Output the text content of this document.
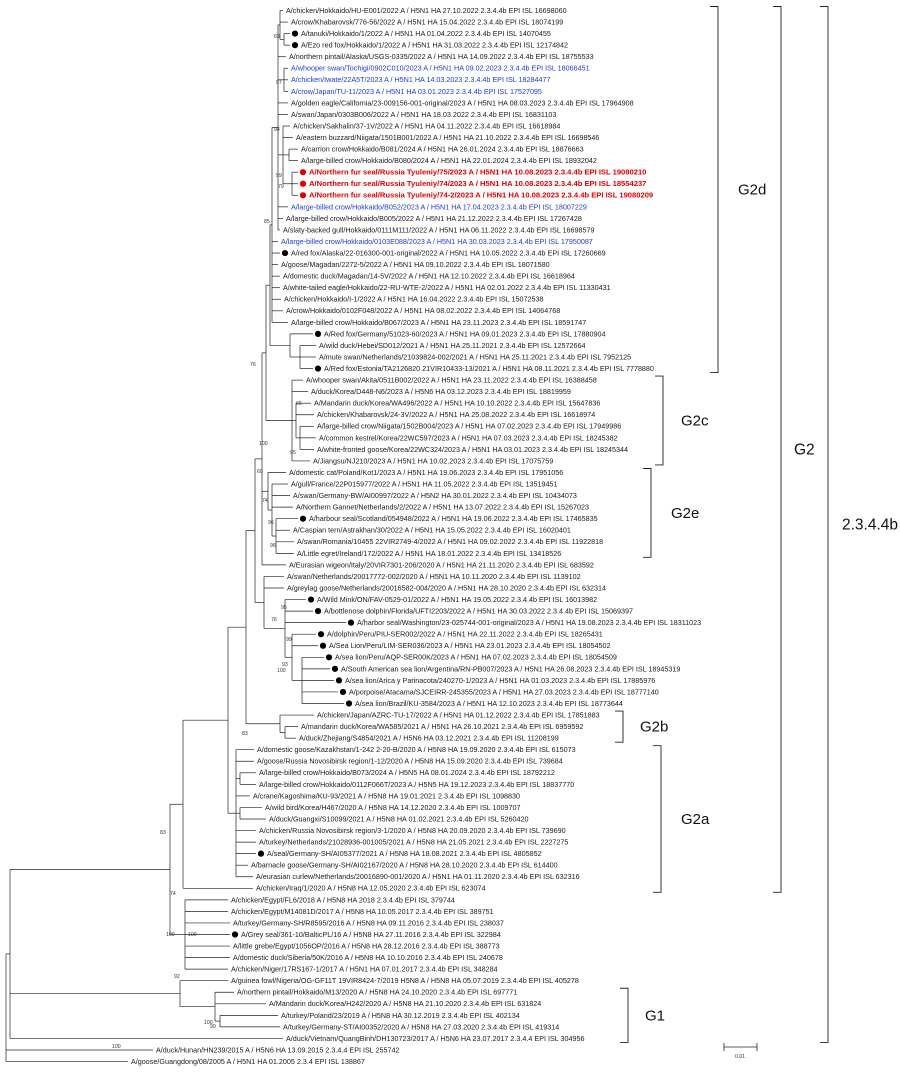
63
97
94
99
79
85
76
65
95
100
60
74
96
96
95
76
99
93
100
83
83
74
100	100
92
100
99
100
A/chicken/Hokkaido/HU-E001/2022 A / H5N1 HA 27.10.2022 2.3.4.4b EPI ISL 16698060
A/crow/Khabarovsk/776-56/2022 A / H5N1 HA 15.04.2022 2.3.4.4b EPI ISL 18074199
A/tanuki/Hokkaido/1/2022 A / H5N1 HA 01.04.2022 2.3.4.4b EPI ISL 14070455
A/Ezo red fox/Hokkaido/1/2022 A / H5N1 HA 31.03.2022 2.3.4.4b EPI ISL 12174842
A/northern pintail/Alaska/USGS-0335/2022 A / H5N1 HA 14.09.2022 2.3.4.4b EPI ISL 18755533
A/whooper swan/Tochigi/0902C010/2023 A / H5N1 HA 09.02.2023 2.3.4.4b EPI ISL 18066451
A/chicken/Iwate/22A5T/2023 A / H5N1 HA 14.03.2023 2.3.4.4b EPI ISL 18284477
A/crow/Japan/TU-11/2023 A / H5N1 HA 03.01.2023 2.3.4.4b EPI ISL 17527095
A/golden eagle/California/23-009156-001-original/2023 A / H5N1 HA 08.03.2023 2.3.4.4b EPI ISL 17964908
A/swan/Japan/0303B006/2022 A / H5N1 HA 18.03.2022 2.3.4.4b EPI ISL 16831103
A/chicken/Sakhalin/37-1V/2022 A / H5N1 HA 04.11.2022 2.3.4.4b EPI ISL 16618984
A/eastern buzzard/Niigata/1501B001/2022 A / H5N1 HA 21.10.2022 2.3.4.4b EPI ISL 16698546
A/carrion crow/Hokkaido/B081/2024 A / H5N1 HA 26.01.2024 2.3.4.4b EPI ISL 18876663
A/large-billed crow/Hokkaido/B080/2024 A / H5N1 HA 22.01.2024 2.3.4.4b EPI ISL 18932042
A/Northern fur seal/Russia Tyuleniy/75/2023 A / H5N1 HA 10.08.2023 2.3.4.4b EPI ISL 19080210
A/Northern fur seal/Russia Tyuleniy/74/2023 A / H5N1 HA 10.08.2023 2.3.4.4b EPI ISL 18554237
A/Northern fur seal/Russia Tyuleniy/74-2/2023 A / H5N1 HA 10.08.2023 2.3.4.4b EPI ISL 19080209
A/large-billed crow/Hokkaido/B052/2023 A / H5N1 HA 17.04.2023 2.3.4.4b EPI ISL 18007229
A/large-billed crow/Hokkaido/B005/2022 A / H5N1 HA 21.12.2022 2.3.4.4b EPI ISL 17267428
A/slaty-backed gull/Hokkaido/0111M111/2022 A / H5N1 HA 06.11.2022 2.3.4.4b EPI ISL 16698579
A/large-billed crow/Hokkaido/0103E088/2023 A / H5N1 HA 30.03.2023 2.3.4.4b EPI ISL 17950087
A/red fox/Alaska/22-016300-001-original/2022 A / H5N1 HA 10.05.2022 2.3.4.4b EPI ISL 17260669
A/goose/Magadan/2272-5/2022 A / H5N1 HA 09.10.2022 2.3.4.4b EPI ISL 18071580
A/domestic duck/Magadan/14-5V/2022 A / H5N1 HA 12.10.2022 2.3.4.4b EPI ISL 16618964
A/white-tailed eagle/Hokkaido/22-RU-WTE-2/2022 A / H5N1 HA 02.01.2022 2.3.4.4b EPI ISL 11330431
A/chicken/Hokkaido/I-1/2022 A / H5N1 HA 16.04.2022 2.3.4.4b EPI ISL 15072538
A/crow/Hokkaido/0102F048/2022 A / H5N1 HA 08.02.2022 2.3.4.4b EPI ISL 14064768
A/large-billed crow/Hokkaido/B067/2023 A / H5N1 HA 23.11.2023 2.3.4.4b EPI ISL 18591747
A/Red fox/Germany/51023-60/2023 A / H5N1 HA 09.01.2023 2.3.4.4b EPI ISL 17880904
A/wild duck/Hebei/SD012/2021 A / H5N1 HA 25.11.2021 2.3.4.4b EPI ISL 12572664
A/mute swan/Netherlands/21039824-002/2021 A / H5N1 HA 25.11.2021 2.3.4.4b EPI ISL 7952125
A/Red fox/Estonia/TA2126820 21VIR10433-13/2021 A / H5N1 HA 08.11.2021 2.3.4.4b EPI ISL 7778880
A/whooper swan/Akita/0511B002/2022 A / H5N1 HA 23.11.2022 2.3.4.4b EPI ISL 16388458
A/duck/Korea/D448-N6/2023 A / H5N6 HA 03.12.2023 2.3.4.4b EPI ISL 18819959
A/Mandarin duck/Korea/WA496/2022 A / H5N1 HA 10.10.2022 2.3.4.4b EPI ISL 15647836
A/chicken/Khabarovsk/24-3V/2022 A / H5N1 HA 25.08.2022 2.3.4.4b EPI ISL 16618974
A/large-billed crow/Niigata/1502B004/2023 A / H5N1 HA 07.02.2023 2.3.4.4b EPI ISL 17949986
A/common kestrel/Korea/22WC597/2023 A / H5N1 HA 07.03.2023 2.3.4.4b EPI ISL 18245382
A/white-fronted goose/Korea/22WC324/2023 A / H5N1 HA 03.01.2023 2.3.4.4b EPI ISL 18245344
A/Jiangsu/NJ210/2023 A / H5N1 HA 10.02.2023 2.3.4.4b EPI ISL 17075759
A/domestic cat/Poland/Kot1/2023 A / H5N1 HA 19.06.2023 2.3.4.4b EPI ISL 17951056
A/gull/France/22P015977/2022 A / H5N1 HA 11.05.2022 2.3.4.4b EPI ISL 13519451
A/swan/Germany-BW/AI00997/2022 A / H5N2 HA 30.01.2022 2.3.4.4b EPI ISL 10434073
A/Northern Gannet/Netherlands/2/2022 A / H5N1 HA 13.07.2022 2.3.4.4b EPI ISL 15267023
A/harbour seal/Scotland/054948/2022 A / H5N1 HA 19.06.2022 2.3.4.4b EPI ISL 17465835
A/Caspian tern/Astrakhan/30/2022 A / H5N1 HA 15.05.2022 2.3.4.4b EPI ISL 16020401
A/swan/Romania/10455 22VIR2749-4/2022 A / H5N1 HA 09.02.2022 2.3.4.4b EPI ISL 11922818
A/Little egret/Ireland/172/2022 A / H5N1 HA 18.01.2022 2.3.4.4b EPI ISL 13418526
A/Eurasian wigeon/Italy/20VIR7301-206/2020 A / H5N1 HA 21.11.2020 2.3.4.4b EPI ISL 683592
A/swan/Netherlands/20017772-002/2020 A / H5N1 HA 10.11.2020 2.3.4.4b EPI ISL 1139102
A/greylag goose/Netherlands/20016582-004/2020 A / H5N1 HA 28.10.2020 2.3.4.4b EPI ISL 632314
A/Wild Mink/ON/FAV-0529-01/2022 A / H5N1 HA 19.05.2022 2.3.4.4b EPI ISL 16013982
A/bottlenose dolphin/Florida/UFTI2203/2022 A / H5N1 HA 30.03.2022 2.3.4.4b EPI ISL 15069397
A/harbor seal/Washington/23-025744-001-original/2023 A / H5N1 HA 19.08.2023 2.3.4.4b EPI ISL 18311023
A/dolphin/Peru/PIU-SER002/2022 A / H5N1 HA 22.11.2022 2.3.4.4b EPI ISL 18265431
A/Sea Lion/Peru/LIM-SER036/2023 A / H5N1 HA 23.01.2023 2.3.4.4b EPI ISL 18054502
A/sea lion/Peru/AQP-SER00K/2023 A / H5N1 HA 07.02.2023 2.3.4.4b EPI ISL 18054509
A/South American sea lion/Argentina/RN-PB007/2023 A / H5N1 HA 26.08.2023 2.3.4.4b EPI ISL 18945319
A/sea lion/Arica y Parinacota/240270-1/2023 A / H5N1 HA 01.03.2023 2.3.4.4b EPI ISL 17885976
A/porpoise/Atacama/SJCEIRR-245355/2023 A / H5N1 HA 27.03.2023 2.3.4.4b EPI ISL 18777140
A/sea lion/Brazil/KU-3584/2023 A / H5N1 HA 12.10.2023 2.3.4.4b EPI ISL 18773644
A/chicken/Japan/AZRC-TU-17/2022 A / H5N1 HA 01.12.2022 2.3.4.4b EPI ISL 17851883
A/mandarin duck/Korea/WA585/2021 A / H5N1 HA 26.10.2021 2.3.4.4b EPI ISL 6959592
A/duck/Zhejiang/S4854/2021 A / H5N6 HA 03.12.2021 2.3.4.4b EPI ISL 11208199
A/domestic goose/Kazakhstan/1-242 2-20-B/2020 A / H5N8 HA 19.09.2020 2.3.4.4b EPI ISL 615073
A/goose/Russia Novosibirsk region/1-12/2020 A / H5N8 HA 15.09.2020 2.3.4.4b EPI ISL 739684
A/large-billed crow/Hokkaido/B073/2024 A / H5N5 HA 08.01.2024 2.3.4.4b EPI ISL 18792212
A/large-billed crow/Hokkaido/0112F066T/2023 A / H5N5 HA 19.12.2023 2.3.4.4b EPI ISL 18837770
A/crane/Kagoshima/KU-93/2021 A / H5N8 HA 19.01.2021 2.3.4.4b EPI ISL 1098830
A/wild bird/Korea/H467/2020 A / H5N8 HA 14.12.2020 2.3.4.4b EPI ISL 1009707
A/duck/Guangxi/S10099/2021 A / H5N8 HA 01.02.2021 2.3.4.4b EPI ISL 5260420
A/chicken/Russia Novosibirsk region/3-1/2020 A / H5N8 HA 20.09.2020 2.3.4.4b EPI ISL 739690
A/turkey/Netherlands/21028936-001005/2021 A / H5N8 HA 21.05.2021 2.3.4.4b EPI ISL 2227275
A/seal/Germany-SH/AI05377/2021 A / H5N8 HA 18.08.2021 2.3.4.4b EPI ISL 4805852
A/barnacle goose/Germany-SH/AI02167/2020 A / H5N8 HA 28.10.2020 2.3.4.4b EPI ISL 614400
A/eurasian curlew/Netherlands/20016890-001/2020 A / H5N1 HA 01.11.2020 2.3.4.4b EPI ISL 632316
A/chicken/Iraq/1/2020 A / H5N8 HA 12.05.2020 2.3.4.4b EPI ISL 623074
A/chicken/Egypt/FL6/2018 A / H5N8 HA 2018 2.3.4.4b EPI ISL 379744
A/chicken/Egypt/M14081D/2017 A / H5N8 HA 10.05.2017 2.3.4.4b EPI ISL 389751
A/turkey/Germany-SH/R8595/2016 A / H5N8 HA 09.11.2016 2.3.4.4b EPI ISL 238037
A/Grey seal/361-10/BalticPL/16 A / H5N8 HA 27.11.2016 2.3.4.4b EPI ISL 322984
A/little grebe/Egypt/1056OP/2016 A / H5N8 HA 28.12.2016 2.3.4.4b EPI ISL 388773
A/domestic duck/Siberia/50K/2016 A / H5N8 HA 10.10.2016 2.3.4.4b EPI ISL 240678
A/chicken/Niger/17RS167-1/2017 A / H5N1 HA 07.01.2017 2.3.4.4b EPI ISL 348284
A/guinea fowl/Nigeria/OG-GF11T 19VIR8424-7/2019 H5N8 A / H5N8 HA 05.07.2019 2.3.4.4b EPI ISL 405278
A/northern pintail/Hokkaido/M13/2020 A / H5N8 HA 24.10.2020 2.3.4.4b EPI ISL 697771
A/Mandarin duck/Korea/H242/2020 A / H5N8 HA 21.10.2020 2.3.4.4b EPI ISL 631824
A/turkey/Poland/23/2019 A / H5N8 HA 30.12.2019 2.3.4.4b EPI ISL 402134
A/turkey/Germany-ST/AI00352/2020 A / H5N8 HA 27.03.2020 2.3.4.4b EPI ISL 419314
A/duck/Vietnam/QuangBinh/DH130723/2017 A / H5N6 HA 23.07.2017 2.3.4.4 EPI ISL 304956
A/duck/Hunan/HN239/2015 A / H5N6 HA 13.09.2015 2.3.4.4 EPI ISL 255742
A/goose/Guangdong/08/2005 A / H5N1 HA 01.2005 2.3.4 EPI ISL 138867
G2d
G2c
G2e
G2b
G2a
G1
G2
2.3.4.4b
0.01
